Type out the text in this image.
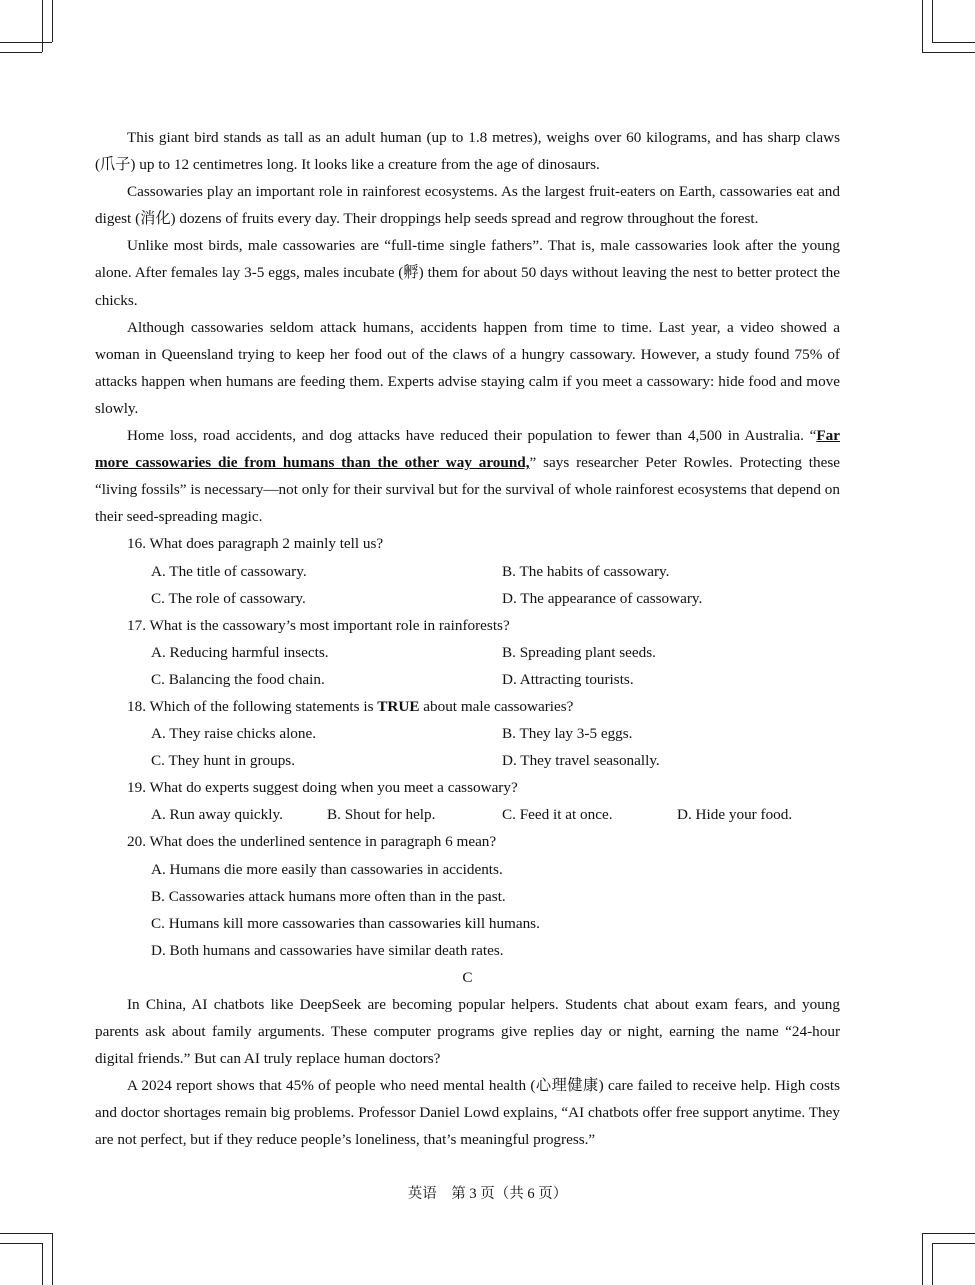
This giant bird stands as tall as an adult human (up to 1.8 metres), weighs over 60 kilograms, and has sharp claws (爪子) up to 12 centimetres long. It looks like a creature from the age of dinosaurs.

Cassowaries play an important role in rainforest ecosystems. As the largest fruit-eaters on Earth, cassowaries eat and digest (消化) dozens of fruits every day. Their droppings help seeds spread and regrow throughout the forest.

Unlike most birds, male cassowaries are “full-time single fathers”. That is, male cassowaries look after the young alone. After females lay 3-5 eggs, males incubate (孵) them for about 50 days without leaving the nest to better protect the chicks.

Although cassowaries seldom attack humans, accidents happen from time to time. Last year, a video showed a woman in Queensland trying to keep her food out of the claws of a hungry cassowary. However, a study found 75% of attacks happen when humans are feeding them. Experts advise staying calm if you meet a cassowary: hide food and move slowly.

Home loss, road accidents, and dog attacks have reduced their population to fewer than 4,500 in Australia. “Far more cassowaries die from humans than the other way around,” says researcher Peter Rowles. Protecting these “living fossils” is necessary—not only for their survival but for the survival of whole rainforest ecosystems that depend on their seed-spreading magic.

16. What does paragraph 2 mainly tell us?

A. The title of cassowary.	B. The habits of cassowary.
C. The role of cassowary.	D. The appearance of cassowary.

17. What is the cassowary’s most important role in rainforests?

A. Reducing harmful insects.	B. Spreading plant seeds.
C. Balancing the food chain.	D. Attracting tourists.

18. Which of the following statements is TRUE about male cassowaries?

A. They raise chicks alone.	B. They lay 3-5 eggs.
C. They hunt in groups.	D. They travel seasonally.

19. What do experts suggest doing when you meet a cassowary?

A. Run away quickly.	B. Shout for help.	C. Feed it at once.	D. Hide your food.

20. What does the underlined sentence in paragraph 6 mean?

A. Humans die more easily than cassowaries in accidents.

B. Cassowaries attack humans more often than in the past.

C. Humans kill more cassowaries than cassowaries kill humans.

D. Both humans and cassowaries have similar death rates.

C

In China, AI chatbots like DeepSeek are becoming popular helpers. Students chat about exam fears, and young parents ask about family arguments. These computer programs give replies day or night, earning the name “24-hour digital friends.” But can AI truly replace human doctors?

A 2024 report shows that 45% of people who need mental health (心理健康) care failed to receive help. High costs and doctor shortages remain big problems. Professor Daniel Lowd explains, “AI chatbots offer free support anytime. They are not perfect, but if they reduce people’s loneliness, that’s meaningful progress.”

英语　第 3 页（共 6 页）
